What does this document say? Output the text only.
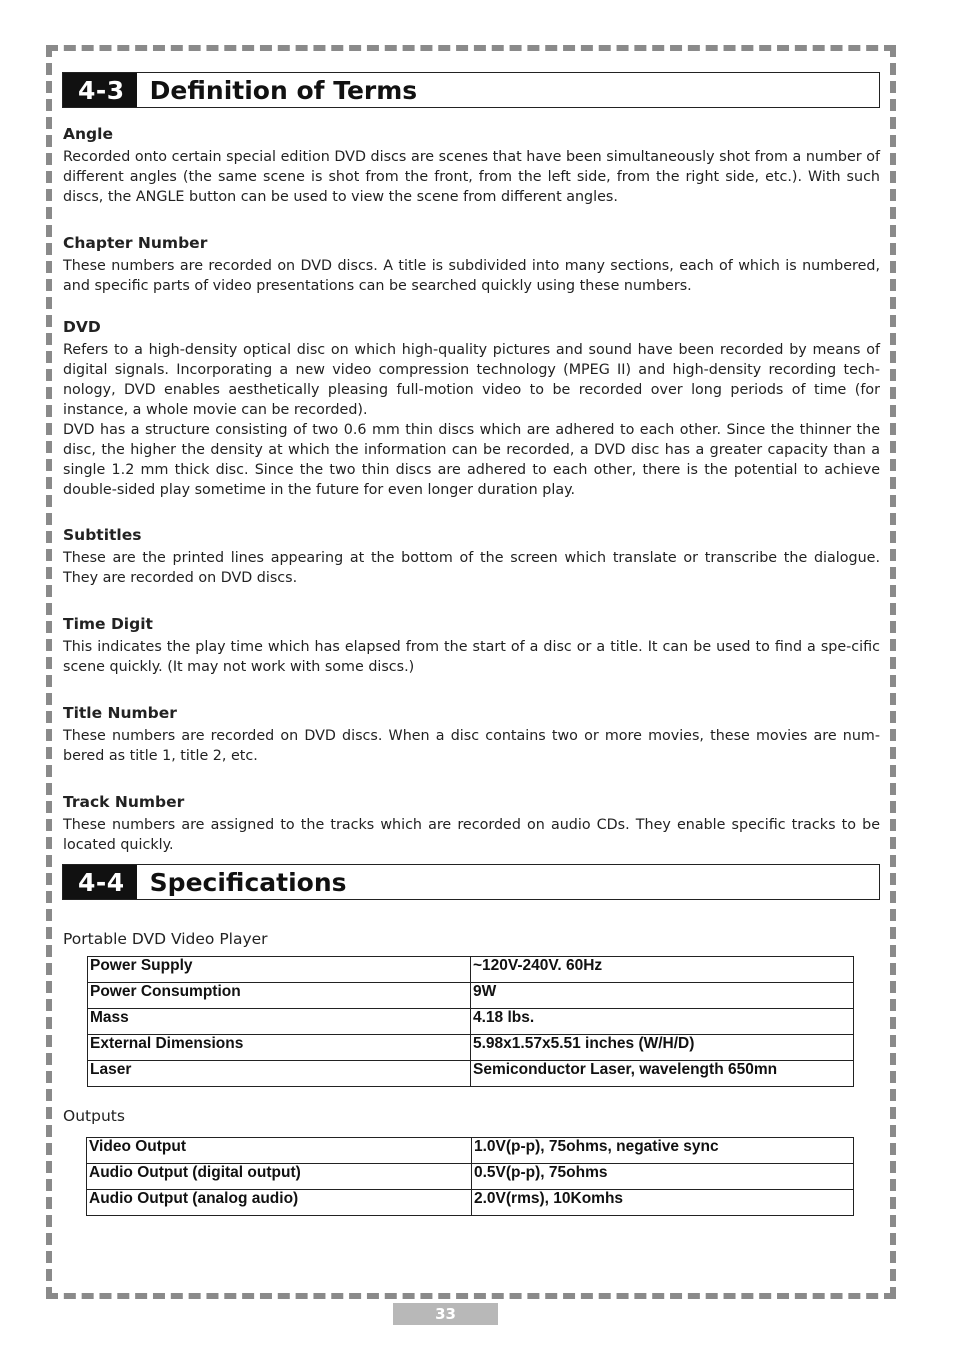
4-3	Definition of Terms
Angle

Recorded onto certain special edition DVD discs are scenes that have been simultaneously shot from a number of different angles (the same scene is shot from the front, from the left side, from the right side, etc.). With such discs, the ANGLE button can be used to view the scene from different angles.

Chapter Number

These numbers are recorded on DVD discs. A title is subdivided into many sections, each of which is numbered, and specific parts of video presentations can be searched quickly using these numbers.

DVD

Refers to a high-density optical disc on which high-quality pictures and sound have been recorded by means of digital signals. Incorporating a new video compression technology (MPEG II) and high-density recording tech-nology, DVD enables aesthetically pleasing full-motion video to be recorded over long periods of time (for instance, a whole movie can be recorded).

DVD has a structure consisting of two 0.6 mm thin discs which are adhered to each other. Since the thinner the disc, the higher the density at which the information can be recorded, a DVD disc has a greater capacity than a single 1.2 mm thick disc. Since the two thin discs are adhered to each other, there is the potential to achieve double-sided play sometime in the future for even longer duration play.

Subtitles

These are the printed lines appearing at the bottom of the screen which translate or transcribe the dialogue. They are recorded on DVD discs.

Time Digit

This indicates the play time which has elapsed from the start of a disc or a title. It can be used to find a spe-cific scene quickly. (It may not work with some discs.)

Title Number

These numbers are recorded on DVD discs. When a disc contains two or more movies, these movies are num-bered as title 1, title 2, etc.

Track Number

These numbers are assigned to the tracks which are recorded on audio CDs. They enable specific tracks to be located quickly.

4-4	Specifications
Portable DVD Video Player
Power Supply	~120V-240V. 60Hz
Power Consumption	9W
Mass	4.18 lbs.
External Dimensions	5.98x1.57x5.51 inches (W/H/D)
Laser	Semiconductor Laser, wavelength 650mn
Outputs
Video Output	1.0V(p-p), 75ohms, negative sync
Audio Output (digital output)	0.5V(p-p), 75ohms
Audio Output (analog audio)	2.0V(rms), 10Komhs
33
